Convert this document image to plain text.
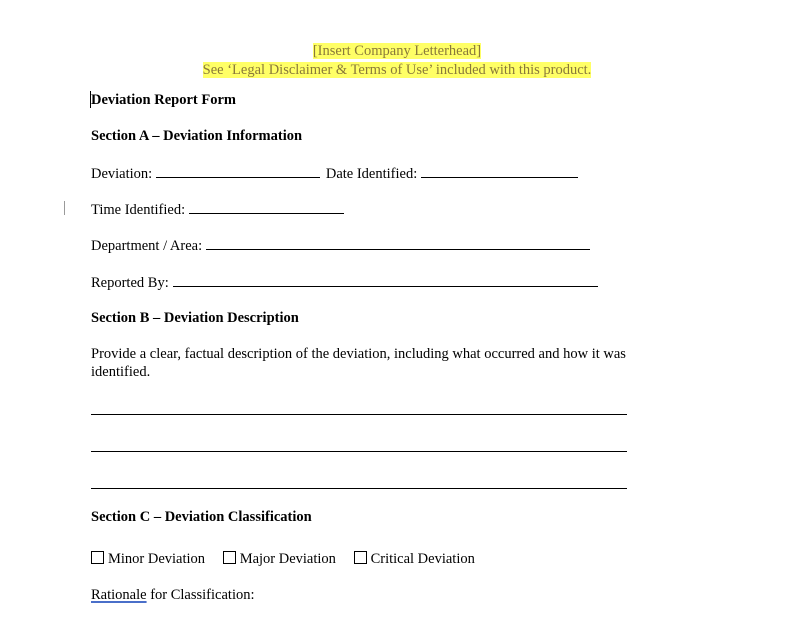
[Insert Company Letterhead]
See ‘Legal Disclaimer & Terms of Use’ included with this product.
Deviation Report Form
Section A – Deviation Information
Deviation:	Date Identified:
Time Identified:
Department / Area:
Reported By:
Section B – Deviation Description
Provide a clear, factual description of the deviation, including what occurred and how it was
identified.
Section C – Deviation Classification
Minor Deviation Major Deviation Critical Deviation
Rationale for Classification:
